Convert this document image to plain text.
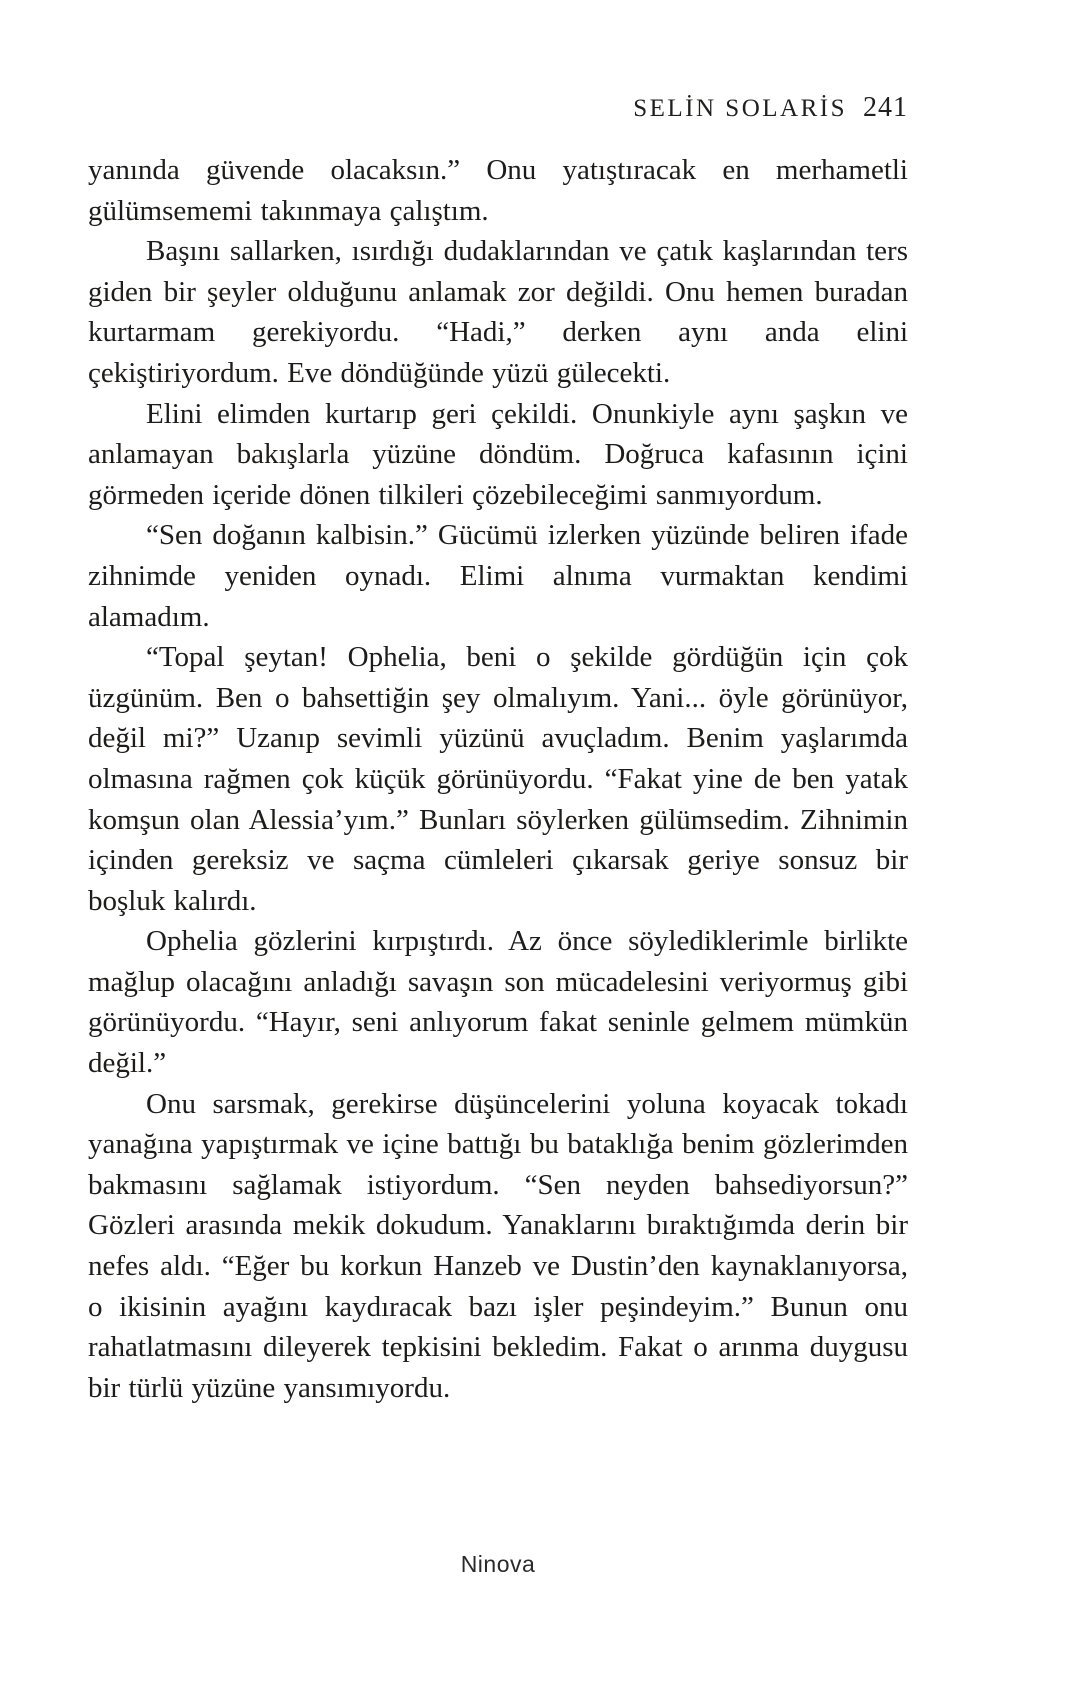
SELİN SOLARİS 241

yanında güvende olacaksın.” Onu yatıştıracak en merhametli gülümsememi takınmaya çalıştım.

Başını sallarken, ısırdığı dudaklarından ve çatık kaşlarından ters giden bir şeyler olduğunu anlamak zor değildi. Onu hemen buradan kurtarmam gerekiyordu. “Hadi,” derken aynı anda elini çekiştiriyordum. Eve döndüğünde yüzü gülecekti.

Elini elimden kurtarıp geri çekildi. Onunkiyle aynı şaşkın ve anlamayan bakışlarla yüzüne döndüm. Doğruca kafasının içini görmeden içeride dönen tilkileri çözebileceğimi sanmıyordum.

“Sen doğanın kalbisin.” Gücümü izlerken yüzünde beliren ifade zihnimde yeniden oynadı. Elimi alnıma vurmaktan kendimi alamadım.

“Topal şeytan! Ophelia, beni o şekilde gördüğün için çok üzgünüm. Ben o bahsettiğin şey olmalıyım. Yani... öyle görünüyor, değil mi?” Uzanıp sevimli yüzünü avuçladım. Benim yaşlarımda olmasına rağmen çok küçük görünüyordu. “Fakat yine de ben yatak komşun olan Alessia’yım.” Bunları söylerken gülümsedim. Zihnimin içinden gereksiz ve saçma cümleleri çıkarsak geriye sonsuz bir boşluk kalırdı.

Ophelia gözlerini kırpıştırdı. Az önce söylediklerimle birlikte mağlup olacağını anladığı savaşın son mücadelesini veriyormuş gibi görünüyordu. “Hayır, seni anlıyorum fakat seninle gelmem mümkün değil.”

Onu sarsmak, gerekirse düşüncelerini yoluna koyacak tokadı yanağına yapıştırmak ve içine battığı bu bataklığa benim gözlerimden bakmasını sağlamak istiyordum. “Sen neyden bahsediyorsun?” Gözleri arasında mekik dokudum. Yanaklarını bıraktığımda derin bir nefes aldı. “Eğer bu korkun Hanzeb ve Dustin’den kaynaklanıyorsa, o ikisinin ayağını kaydıracak bazı işler peşindeyim.” Bunun onu rahatlatmasını dileyerek tepkisini bekledim. Fakat o arınma duygusu bir türlü yüzüne yansımıyordu.

Ninova
